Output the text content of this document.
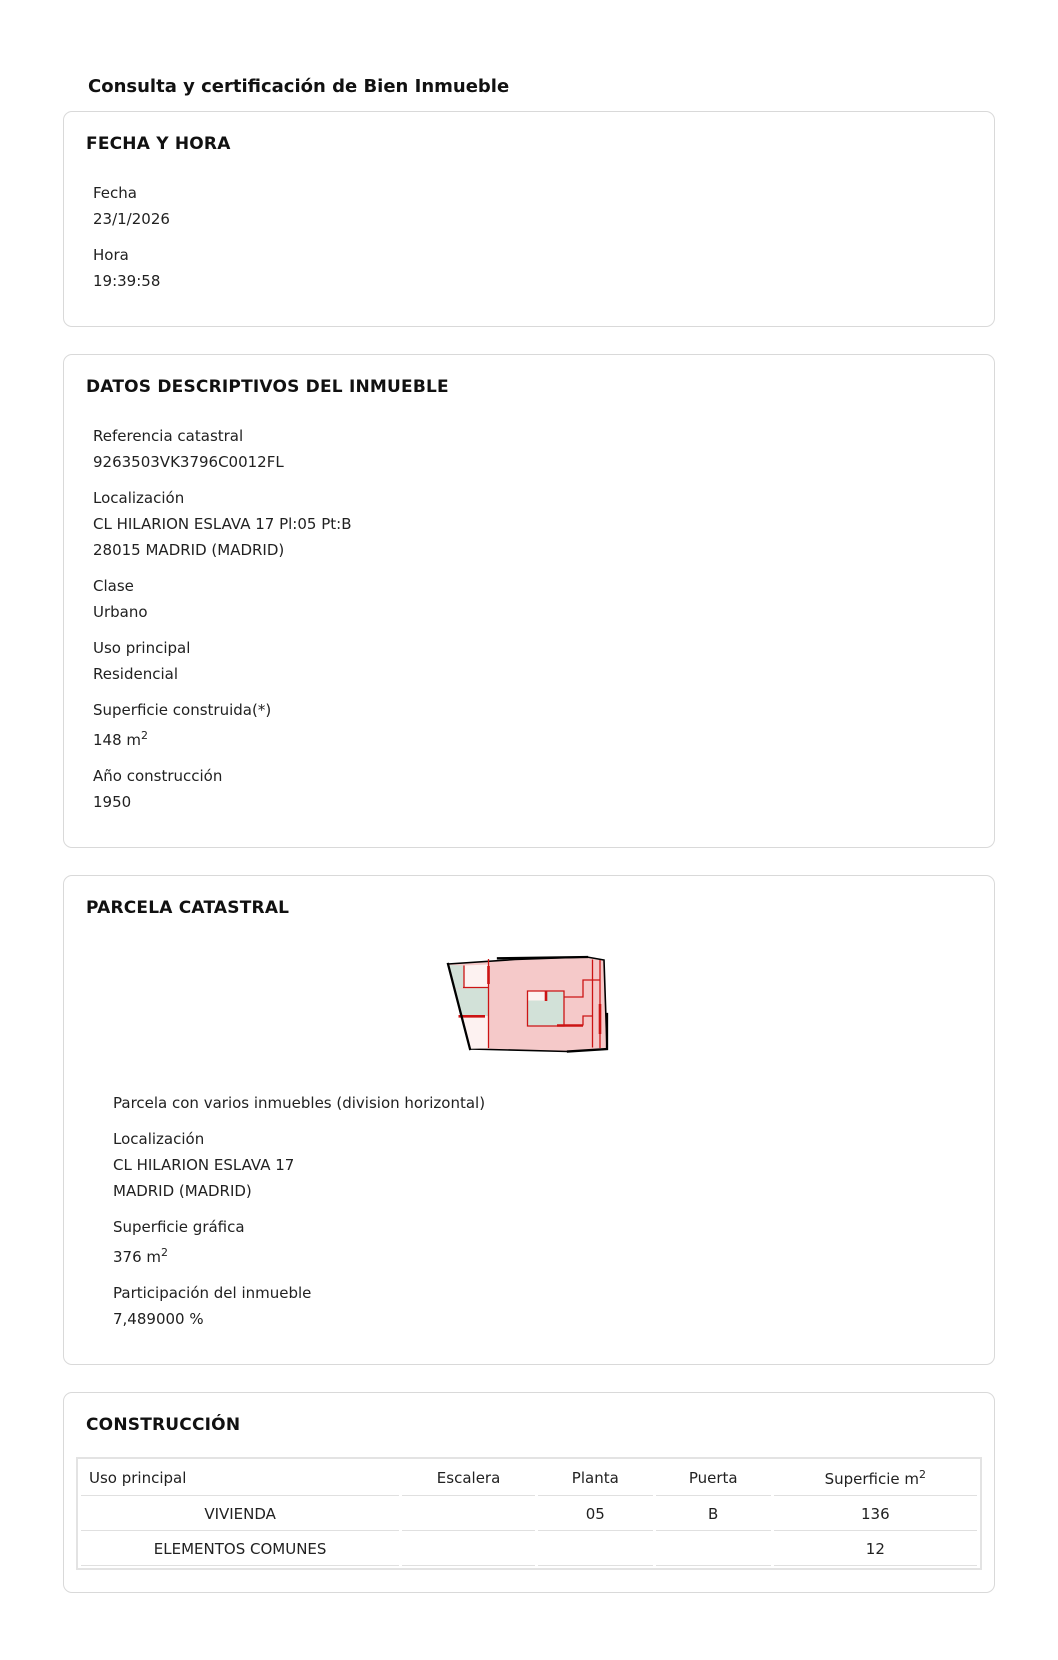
Consulta y certificación de Bien Inmueble
FECHA Y HORA
Fecha
23/1/2026
Hora
19:39:58
DATOS DESCRIPTIVOS DEL INMUEBLE
Referencia catastral
9263503VK3796C0012FL
Localización
CL HILARION ESLAVA 17 Pl:05 Pt:B
28015 MADRID (MADRID)
Clase
Urbano
Uso principal
Residencial
Superficie construida(*)
148 $m^2$
Año construcción
1950
PARCELA CATASTRAL
Parcela con varios inmuebles (division horizontal)
Localización
CL HILARION ESLAVA 17
MADRID (MADRID)
Superficie gráfica
376 $m^2$
Participación del inmueble
7,489000 %
CONSTRUCCIÓN
Uso principal	Escalera	Planta	Puerta	Superficie $m^2$
VIVIENDA		05	B	136
ELEMENTOS COMUNES				12
